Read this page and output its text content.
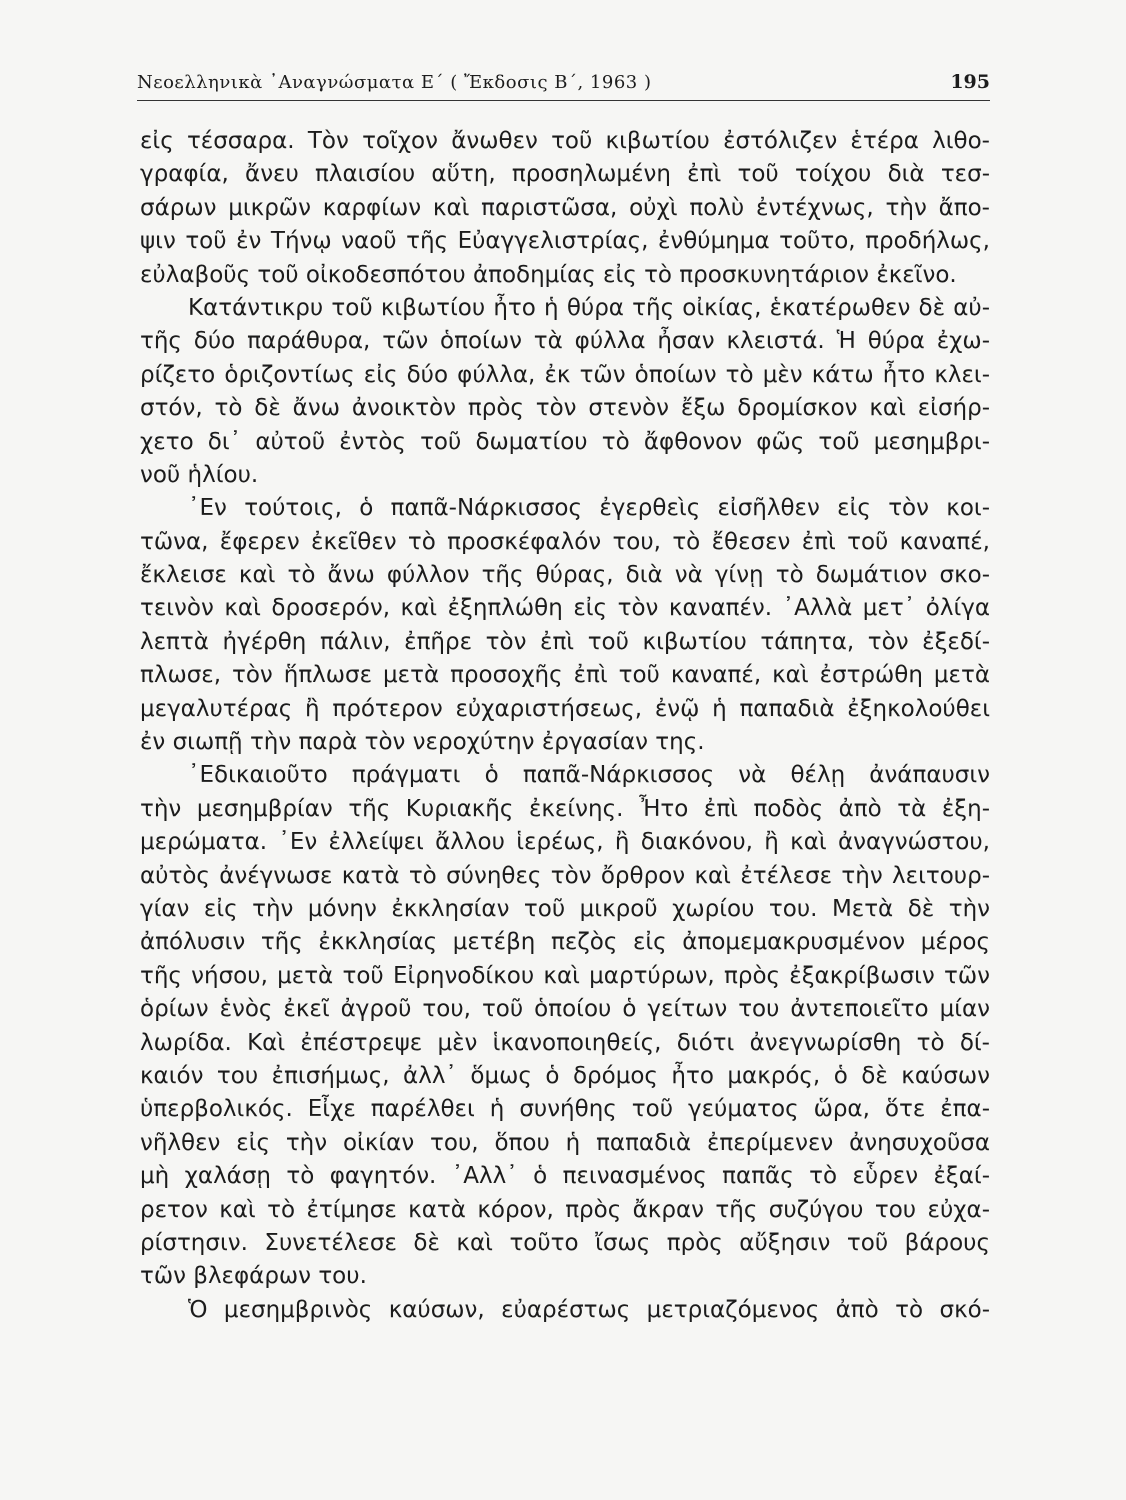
Νεοελληνικὰ ᾿Αναγνώσματα Ε´ ( Ἔκδοσις Β´, 1963 )	195
εἰς τέσσαρα. Τὸν τοῖχον ἄνωθεν τοῦ κιβωτίου ἐστόλιζεν ἑτέρα λιθο-
γραφία, ἄνευ πλαισίου αὕτη, προσηλωμένη ἐπὶ τοῦ τοίχου διὰ τεσ-
σάρων μικρῶν καρφίων καὶ παριστῶσα, οὐχὶ πολὺ ἐντέχνως, τὴν ἄπο-
ψιν τοῦ ἐν Τήνῳ ναοῦ τῆς Εὐαγγελιστρίας, ἐνθύμημα τοῦτο, προδήλως,
εὐλαβοῦς τοῦ οἰκοδεσπότου ἀποδημίας εἰς τὸ προσκυνητάριον ἐκεῖνο.
Κατάντικρυ τοῦ κιβωτίου ἦτο ἡ θύρα τῆς οἰκίας, ἑκατέρωθεν δὲ αὐ-
τῆς δύο παράθυρα, τῶν ὁποίων τὰ φύλλα ἦσαν κλειστά. Ἡ θύρα ἐχω-
ρίζετο ὁριζοντίως εἰς δύο φύλλα, ἐκ τῶν ὁποίων τὸ μὲν κάτω ἦτο κλει-
στόν, τὸ δὲ ἄνω ἀνοικτὸν πρὸς τὸν στενὸν ἔξω δρομίσκον καὶ εἰσήρ-
χετο δι᾿ αὐτοῦ ἐντὸς τοῦ δωματίου τὸ ἄφθονον φῶς τοῦ μεσημβρι-
νοῦ ἡλίου.
᾿Εν τούτοις, ὁ παπᾶ-Νάρκισσος ἐγερθεὶς εἰσῆλθεν εἰς τὸν κοι-
τῶνα, ἔφερεν ἐκεῖθεν τὸ προσκέφαλόν του, τὸ ἔθεσεν ἐπὶ τοῦ καναπέ,
ἔκλεισε καὶ τὸ ἄνω φύλλον τῆς θύρας, διὰ νὰ γίνῃ τὸ δωμάτιον σκο-
τεινὸν καὶ δροσερόν, καὶ ἐξηπλώθη εἰς τὸν καναπέν. ᾿Αλλὰ μετ᾿ ὀλίγα
λεπτὰ ἠγέρθη πάλιν, ἐπῆρε τὸν ἐπὶ τοῦ κιβωτίου τάπητα, τὸν ἐξεδί-
πλωσε, τὸν ἥπλωσε μετὰ προσοχῆς ἐπὶ τοῦ καναπέ, καὶ ἐστρώθη μετὰ
μεγαλυτέρας ἢ πρότερον εὐχαριστήσεως, ἐνῷ ἡ παπαδιὰ ἐξηκολούθει
ἐν σιωπῇ τὴν παρὰ τὸν νεροχύτην ἐργασίαν της.
᾿Εδικαιοῦτο πράγματι ὁ παπᾶ-Νάρκισσος νὰ θέλῃ ἀνάπαυσιν
τὴν μεσημβρίαν τῆς Κυριακῆς ἐκείνης. Ἦτο ἐπὶ ποδὸς ἀπὸ τὰ ἐξη-
μερώματα. ᾿Εν ἐλλείψει ἄλλου ἱερέως, ἢ διακόνου, ἢ καὶ ἀναγνώστου,
αὐτὸς ἀνέγνωσε κατὰ τὸ σύνηθες τὸν ὄρθρον καὶ ἐτέλεσε τὴν λειτουρ-
γίαν εἰς τὴν μόνην ἐκκλησίαν τοῦ μικροῦ χωρίου του. Μετὰ δὲ τὴν
ἀπόλυσιν τῆς ἐκκλησίας μετέβη πεζὸς εἰς ἀπομεμακρυσμένον μέρος
τῆς νήσου, μετὰ τοῦ Εἰρηνοδίκου καὶ μαρτύρων, πρὸς ἐξακρίβωσιν τῶν
ὁρίων ἑνὸς ἐκεῖ ἀγροῦ του, τοῦ ὁποίου ὁ γείτων του ἀντεποιεῖτο μίαν
λωρίδα. Καὶ ἐπέστρεψε μὲν ἱκανοποιηθείς, διότι ἀνεγνωρίσθη τὸ δί-
καιόν του ἐπισήμως, ἀλλ᾿ ὅμως ὁ δρόμος ἦτο μακρός, ὁ δὲ καύσων
ὑπερβολικός. Εἶχε παρέλθει ἡ συνήθης τοῦ γεύματος ὥρα, ὅτε ἐπα-
νῆλθεν εἰς τὴν οἰκίαν του, ὅπου ἡ παπαδιὰ ἐπερίμενεν ἀνησυχοῦσα
μὴ χαλάσῃ τὸ φαγητόν. ᾿Αλλ᾿ ὁ πεινασμένος παπᾶς τὸ εὗρεν ἐξαί-
ρετον καὶ τὸ ἐτίμησε κατὰ κόρον, πρὸς ἄκραν τῆς συζύγου του εὐχα-
ρίστησιν. Συνετέλεσε δὲ καὶ τοῦτο ἴσως πρὸς αὔξησιν τοῦ βάρους
τῶν βλεφάρων του.
Ὁ μεσημβρινὸς καύσων, εὐαρέστως μετριαζόμενος ἀπὸ τὸ σκό-
